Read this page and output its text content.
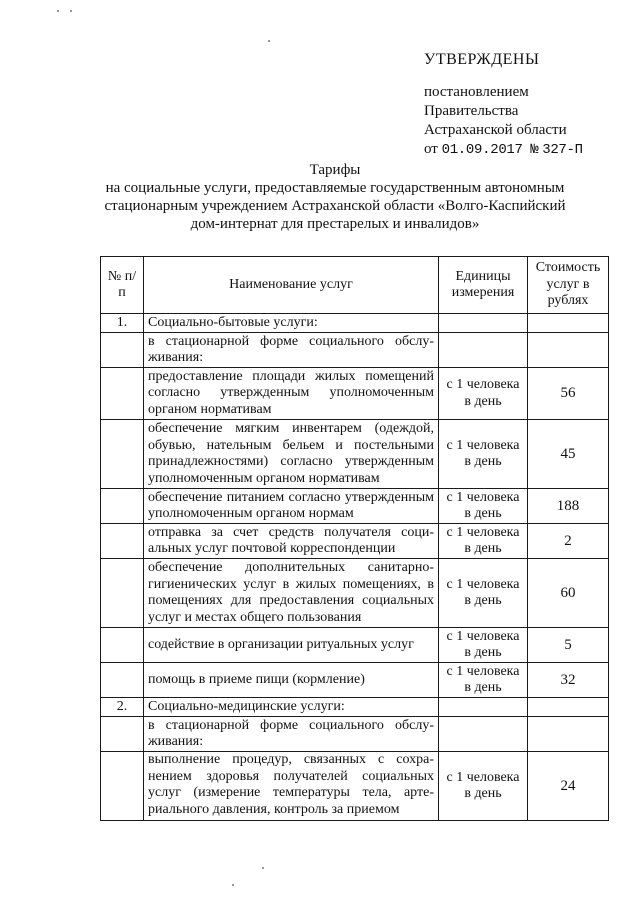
УТВЕРЖДЕНЫ
постановлением
Правительства
Астраханской области
от 01.09.2017 № 327-П
Тарифы
на социальные услуги, предоставляемые государственным автономным
стационарным учреждением Астраханской области «Волго-Каспийский
дом-интернат для престарелых и инвалидов»
№ п/п	Наименование услуг	Единицы измерения	Стоимость услуг в рублях
1.	Социально-бытовые услуги:		
	в стационарной форме социального обслуживания:		
	предоставление площади жилых помещений согласно утвержденным уполномоченным органом нормативам	с 1 человека в день	56
	обеспечение мягким инвентарем (одеждой, обувью, нательным бельем и постельными принадлежностями) согласно утвержденным уполномоченным органом нормативам	с 1 человека в день	45
	обеспечение питанием согласно утвержденным уполномоченным органом нормам	с 1 человека в день	188
	отправка за счет средств получателя социальных услуг почтовой корреспонденции	с 1 человека в день	2
	обеспечение дополнительных санитарно-гигиенических услуг в жилых помещениях, в помещениях для предоставления социальных услуг и местах общего пользования	с 1 человека в день	60
	содействие в организации ритуальных услуг	с 1 человека в день	5
	помощь в приеме пищи (кормление)	с 1 человека в день	32
2.	Социально-медицинские услуги:		
	в стационарной форме социального обслуживания:		
	выполнение процедур, связанных с сохранением здоровья получателей социальных услуг (измерение температуры тела, артериального давления, контроль за приемом	с 1 человека в день	24
